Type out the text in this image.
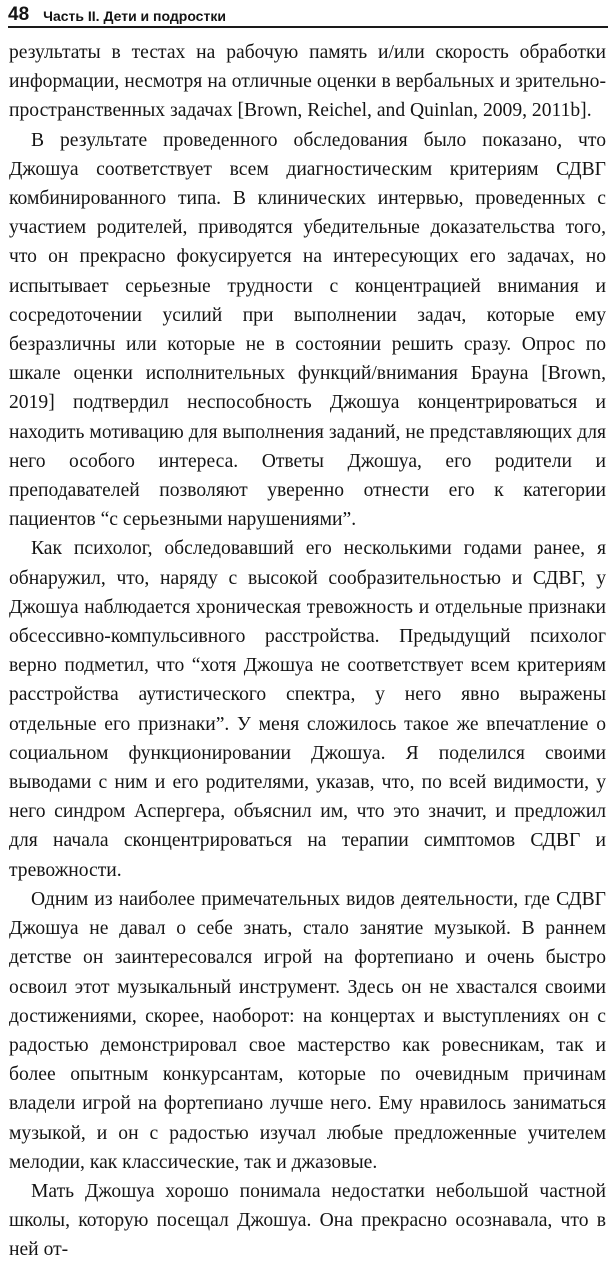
48 Часть II. Дети и подростки

результаты в тестах на рабочую память и/или скорость обработки информации, несмотря на отличные оценки в вербальных и зрительно-пространственных задачах [Brown, Reichel, and Quinlan, 2009, 2011b].

В результате проведенного обследования было показано, что Джошуа соответствует всем диагностическим критериям СДВГ комбинированного типа. В клинических интервью, проведенных с участием родителей, приводятся убедительные доказательства того, что он прекрасно фокусируется на интересующих его задачах, но испытывает серьезные трудности с концентрацией внимания и сосредоточении усилий при выполнении задач, которые ему безразличны или которые не в состоянии решить сразу. Опрос по шкале оценки исполнительных функций/внимания Брауна [Brown, 2019] подтвердил неспособность Джошуа концентрироваться и находить мотивацию для выполнения заданий, не представляющих для него особого интереса. Ответы Джошуа, его родители и преподавателей позволяют уверенно отнести его к категории пациентов “с серьезными нарушениями”.

Как психолог, обследовавший его несколькими годами ранее, я обнаружил, что, наряду с высокой сообразительностью и СДВГ, у Джошуа наблюдается хроническая тревожность и отдельные признаки обсессивно-компульсивного расстройства. Предыдущий психолог верно подметил, что “хотя Джошуа не соответствует всем критериям расстройства аутистического спектра, у него явно выражены отдельные его признаки”. У меня сложилось такое же впечатление о социальном функционировании Джошуа. Я поделился своими выводами с ним и его родителями, указав, что, по всей видимости, у него синдром Аспергера, объяснил им, что это значит, и предложил для начала сконцентрироваться на терапии симптомов СДВГ и тревожности.

Одним из наиболее примечательных видов деятельности, где СДВГ Джошуа не давал о себе знать, стало занятие музыкой. В раннем детстве он заинтересовался игрой на фортепиано и очень быстро освоил этот музыкальный инструмент. Здесь он не хвастался своими достижениями, скорее, наоборот: на концертах и выступлениях он с радостью демонстрировал свое мастерство как ровесникам, так и более опытным конкурсантам, которые по очевидным причинам владели игрой на фортепиано лучше него. Ему нравилось заниматься музыкой, и он с радостью изучал любые предложенные учителем мелодии, как классические, так и джазовые.

Мать Джошуа хорошо понимала недостатки небольшой частной школы, которую посещал Джошуа. Она прекрасно осознавала, что в ней от-
